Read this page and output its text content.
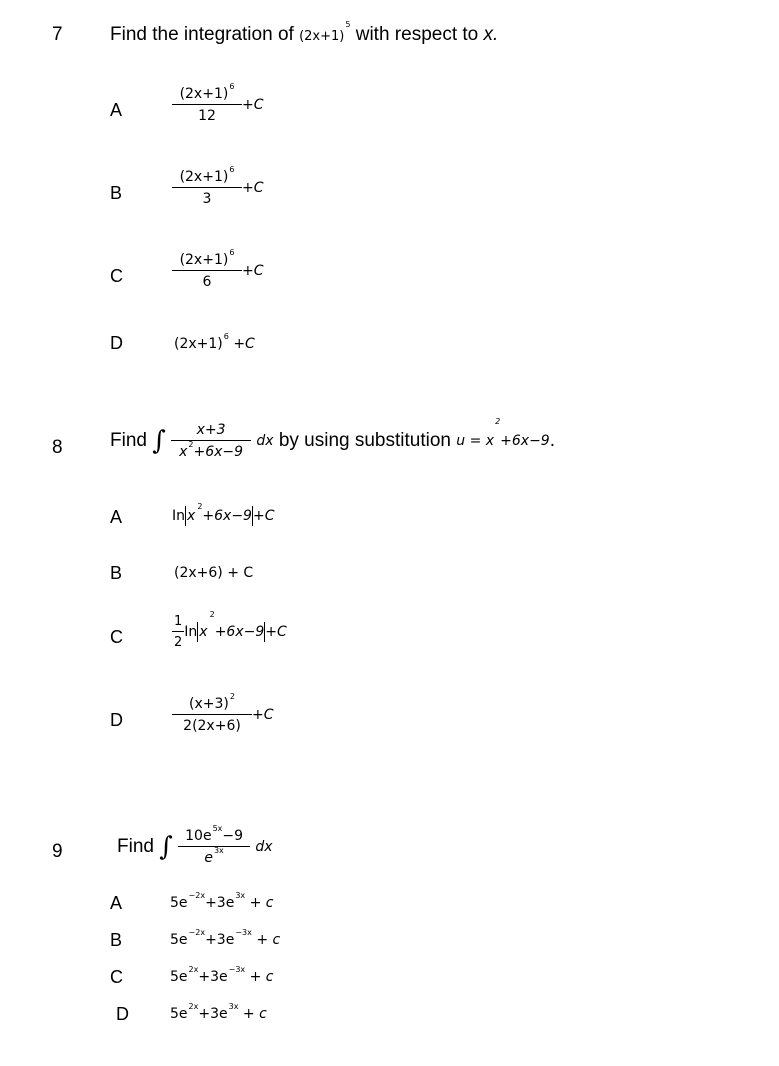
7 Find the integration of $(2x+1)^5$ with respect to x.
A	$\frac{(2x+1)^6}{12} +C$
B	$\frac{(2x+1)^6}{3} +C$
C	$\frac{(2x+1)^6}{6} +C$
D	$(2x+1)^6 +C$
8 Find ∫ $\frac{x+3}{x^2+6x-9}$ dx by using substitution $u = x^2+6x-9$.
A	In $x^2+6x-9+C$
B	(2x+6) + C
C	$\frac{1}{2}$ In $x^2+6x-9+C$
D	$\frac{(x+3)^2}{2(2x+6)} +C$
9	Find ∫ $\frac{10e^{5x}-9}{e^{3x}}$ dx
A	$5e^{-2x}+3e^{3x} + c$
B	$5e^{-2x}+3e^{-3x} + c$
C	$5e^{2x}+3e^{-3x} + c$
D	$5e^{2x}+3e^{3x} + c$
